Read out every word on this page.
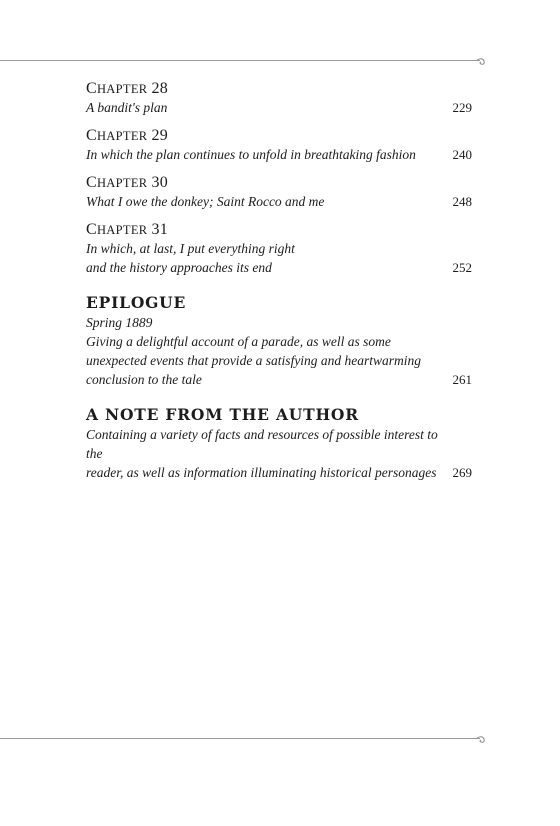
CHAPTER 28
A bandit's plan	229
CHAPTER 29
In which the plan continues to unfold in breathtaking fashion	240
CHAPTER 30
What I owe the donkey; Saint Rocco and me	248
CHAPTER 31
In which, at last, I put everything right
and the history approaches its end	252
EPILOGUE
Spring 1889
Giving a delightful account of a parade, as well as some
unexpected events that provide a satisfying and heartwarming
conclusion to the tale	261
A NOTE FROM THE AUTHOR
Containing a variety of facts and resources of possible interest to the
reader, as well as information illuminating historical personages 269
